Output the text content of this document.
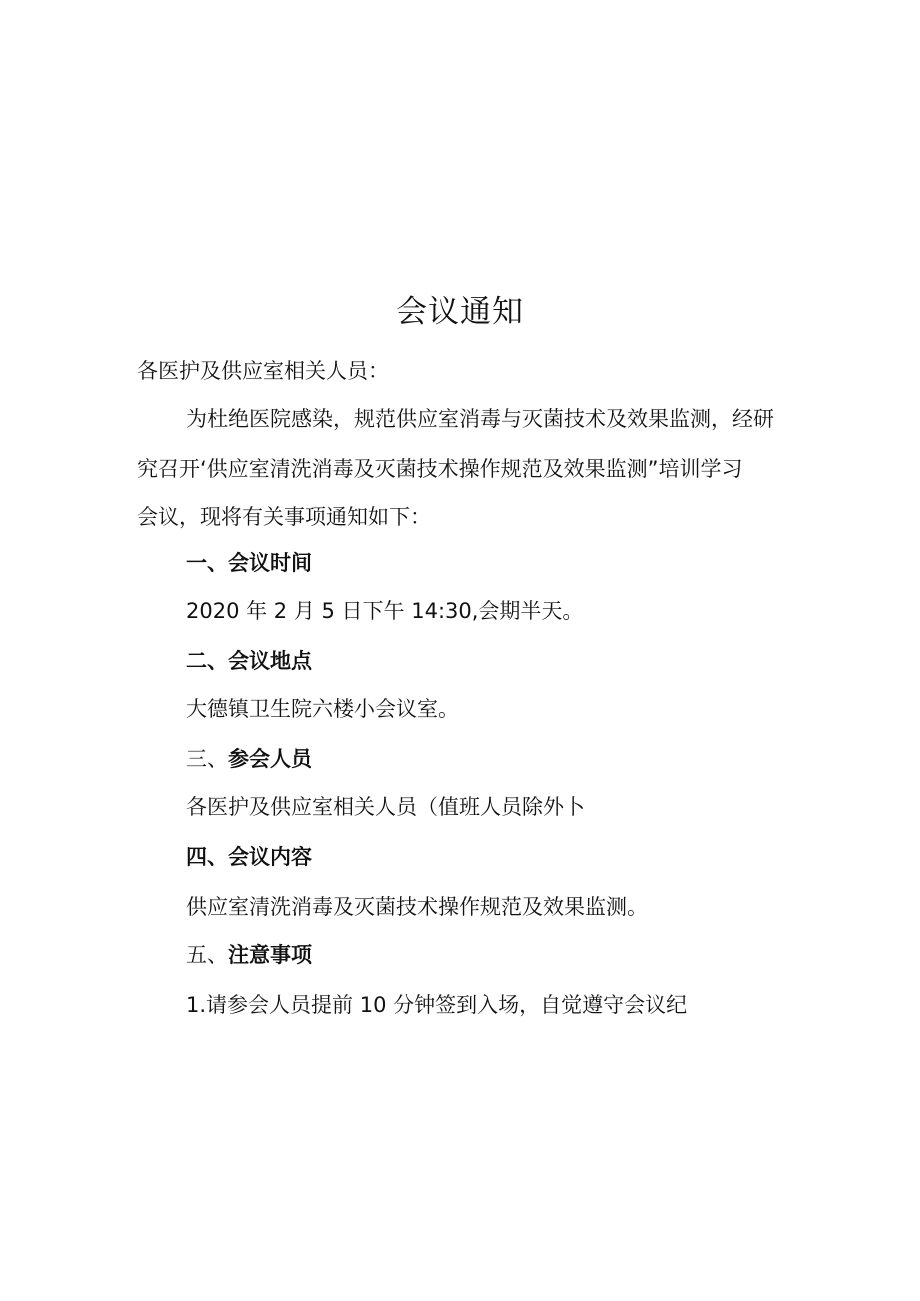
会议通知
各医护及供应室相关人员：
为杜绝医院感染，规范供应室消毒与灭菌技术及效果监测，经研
究召开‘供应室清洗消毒及灭菌技术操作规范及效果监测”培训学习
会议，现将有关事项通知如下：
一、会议时间
2020 年 2 月 5 日下午 14:30,会期半天。
二、会议地点
大德镇卫生院六楼小会议室。
三、参会人员
各医护及供应室相关人员（值班人员除外卜
四、会议内容
供应室清洗消毒及灭菌技术操作规范及效果监测。
五、注意事项
1.请参会人员提前 10 分钟签到入场，自觉遵守会议纪
